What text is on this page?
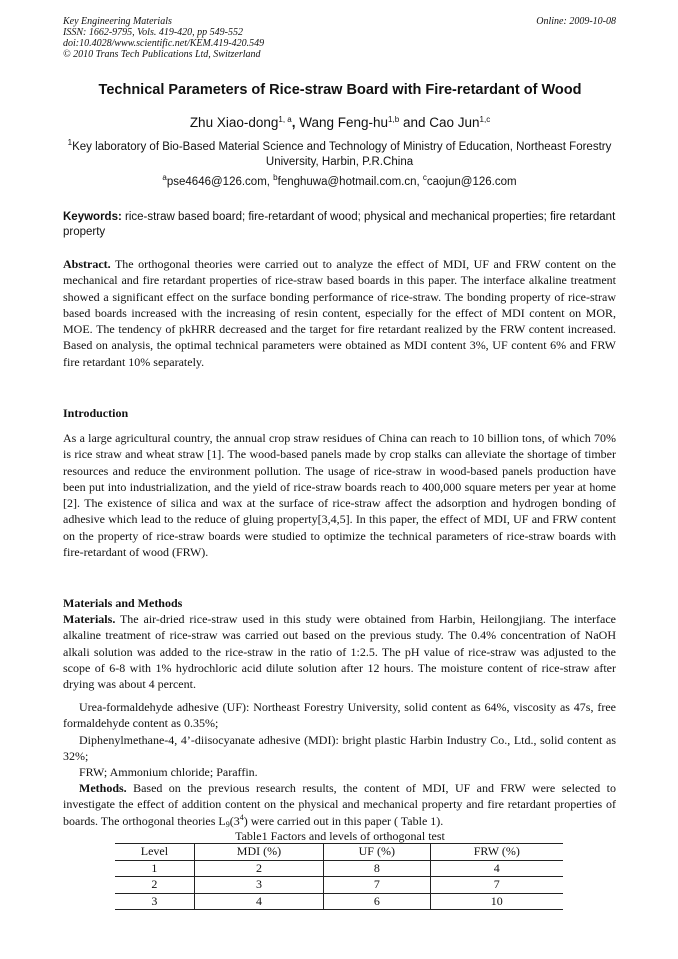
Key Engineering Materials
ISSN: 1662-9795, Vols. 419-420, pp 549-552
doi:10.4028/www.scientific.net/KEM.419-420.549
© 2010 Trans Tech Publications Ltd, Switzerland
Online: 2009-10-08
Technical Parameters of Rice-straw Board with Fire-retardant of Wood
Zhu Xiao-dong$^{1, a}$, Wang Feng-hu$^{1,b}$ and Cao Jun$^{1,c}$
$^1$Key laboratory of Bio-Based Material Science and Technology of Ministry of Education, Northeast Forestry University, Harbin, P.R.China
$^a$pse4646@126.com, $^b$fenghuwa@hotmail.com.cn, $^c$caojun@126.com
Keywords: rice-straw based board; fire-retardant of wood; physical and mechanical properties; fire retardant property
Abstract. The orthogonal theories were carried out to analyze the effect of MDI, UF and FRW content on the mechanical and fire retardant properties of rice-straw based boards in this paper. The interface alkaline treatment showed a significant effect on the surface bonding performance of rice-straw. The bonding property of rice-straw based boards increased with the increasing of resin content, especially for the effect of MDI content on MOR, MOE. The tendency of pkHRR decreased and the target for fire retardant realized by the FRW content increased. Based on analysis, the optimal technical parameters were obtained as MDI content 3%, UF content 6% and FRW fire retardant 10% separately.
Introduction
As a large agricultural country, the annual crop straw residues of China can reach to 10 billion tons, of which 70% is rice straw and wheat straw [1]. The wood-based panels made by crop stalks can alleviate the shortage of timber resources and reduce the environment pollution. The usage of rice-straw in wood-based panels production have been put into industrialization, and the yield of rice-straw boards reach to 400,000 square meters per year at home [2]. The existence of silica and wax at the surface of rice-straw affect the adsorption and hydrogen bonding of adhesive which lead to the reduce of gluing property[3,4,5]. In this paper, the effect of MDI, UF and FRW content on the property of rice-straw boards were studied to optimize the technical parameters of rice-straw boards with fire-retardant of wood (FRW).
Materials and Methods
Materials. The air-dried rice-straw used in this study were obtained from Harbin, Heilongjiang. The interface alkaline treatment of rice-straw was carried out based on the previous study. The 0.4% concentration of NaOH alkali solution was added to the rice-straw in the ratio of 1:2.5. The pH value of rice-straw was adjusted to the scope of 6-8 with 1% hydrochloric acid dilute solution after 12 hours. The moisture content of rice-straw after drying was about 4 percent.

Urea-formaldehyde adhesive (UF): Northeast Forestry University, solid content as 64%, viscosity as 47s, free formaldehyde content as 0.35%;

Diphenylmethane-4, 4’-diisocyanate adhesive (MDI): bright plastic Harbin Industry Co., Ltd., solid content as 32%;

FRW; Ammonium chloride; Paraffin.

Methods. Based on the previous research results, the content of MDI, UF and FRW were selected to investigate the effect of addition content on the physical and mechanical property and fire retardant properties of boards. The orthogonal theories $L_9(3^4)$ were carried out in this paper ( Table 1).
Table1 Factors and levels of orthogonal test
Level	MDI (%)	UF (%)	FRW (%)
1	2	8	4
2	3	7	7
3	4	6	10
